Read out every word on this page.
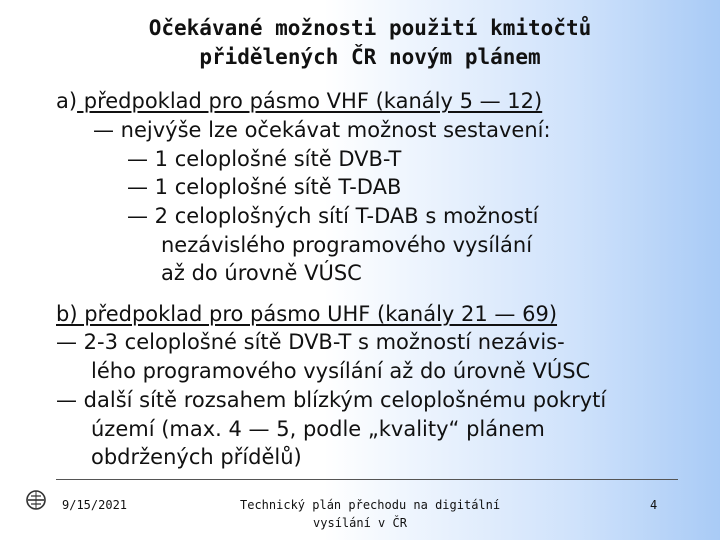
Očekávané možnosti použití kmitočtů
přidělených ČR novým plánem
a) předpoklad pro pásmo VHF (kanály 5 — 12)
— nejvýše lze očekávat možnost sestavení:
— 1 celoplošné sítě DVB-T
— 1 celoplošné sítě T-DAB
— 2 celoplošných sítí T-DAB s možností
nezávislého programového vysílání
až do úrovně VÚSC
b) předpoklad pro pásmo UHF (kanály 21 — 69)
— 2-3 celoplošné sítě DVB-T s možností nezávis-
lého programového vysílání až do úrovně VÚSC
— další sítě rozsahem blízkým celoplošnému pokrytí
území (max. 4 — 5, podle „kvality“ plánem
obdržených přídělů)
9/15/2021	Technický plán přechodu na digitální
vysílání v ČR
4
